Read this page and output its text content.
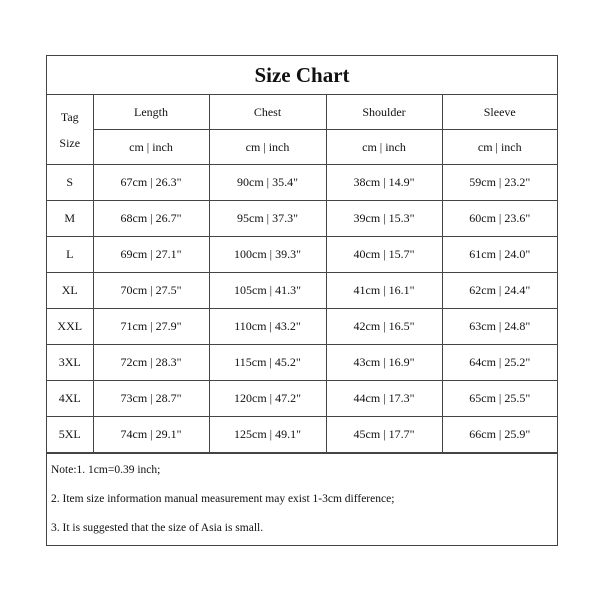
Size Chart
Tag
Size	Length	Chest	Shoulder	Sleeve
	cm | inch	cm | inch	cm | inch	cm | inch
S	67cm | 26.3"	90cm | 35.4"	38cm | 14.9"	59cm | 23.2"
M	68cm | 26.7"	95cm | 37.3"	39cm | 15.3"	60cm | 23.6"
L	69cm | 27.1"	100cm | 39.3"	40cm | 15.7"	61cm | 24.0"
XL	70cm | 27.5"	105cm | 41.3"	41cm | 16.1"	62cm | 24.4"
XXL	71cm | 27.9"	110cm | 43.2"	42cm | 16.5"	63cm | 24.8"
3XL	72cm | 28.3"	115cm | 45.2"	43cm | 16.9"	64cm | 25.2"
4XL	73cm | 28.7"	120cm | 47.2"	44cm | 17.3"	65cm | 25.5"
5XL	74cm | 29.1"	125cm | 49.1"	45cm | 17.7"	66cm | 25.9"
Note:1. 1cm=0.39 inch;
2. Item size information manual measurement may exist 1-3cm difference;
3. It is suggested that the size of Asia is small.
